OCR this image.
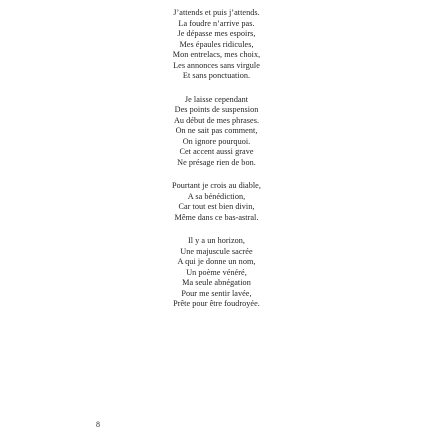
J’attends et puis j’attends.
La foudre n’arrive pas.
Je dépasse mes espoirs,
Mes épaules ridicules,
Mon entrelacs, mes choix,
Les annonces sans virgule
Et sans ponctuation.
Je laisse cependant
Des points de suspension
Au début de mes phrases.
On ne sait pas comment,
On ignore pourquoi.
Cet accent aussi grave
Ne présage rien de bon.
Pourtant je crois au diable,
A sa bénédiction,
Car tout est bien divin,
Même dans ce bas-astral.
Il y a un horizon,
Une majuscule sacrée
A qui je donne un nom,
Un poème vénéré,
Ma seule abnégation
Pour me sentir lavée,
Prête pour être foudroyée.
8
